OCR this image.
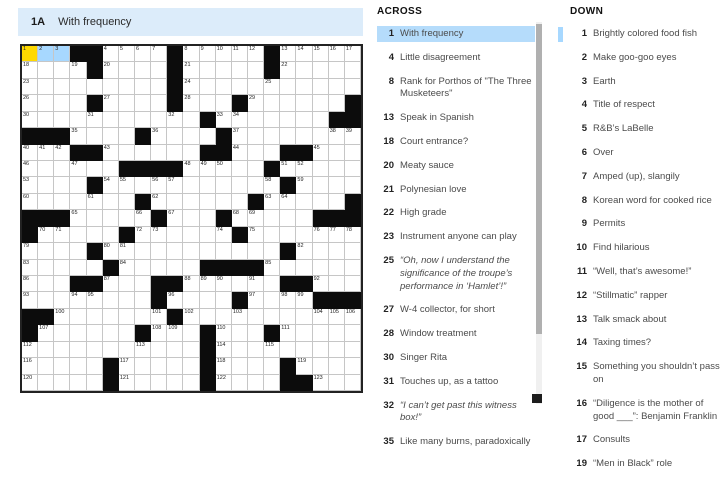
1A With frequency
1 2 3	4 5 6 7	8 9 10 11 12	13 14 15 16 17
18	19	20	21	22
23	24	25
26	27	28	29
30	31	32	33 34
35	36	37	38 39
40 41 42	43	44	45
46	47	48 49 50	51 52
53	54 55	56 57	58	59
60	61	62	63 64
65	66	67	68 69
70 71	72 73	74	75	76 77 78
79	80 81	82
83	84	85
86	87	88 89 90	91	92
93	94 95	96	97	98 99
100	101	102	103	104 105 106
107	108 109	110	111
112	113	114	115
116	117	118	119
120	121	122	123
ACROSS
1 With frequency
4 Little disagreement
8 Rank for Porthos of "The Three Musketeers"
13 Speak in Spanish
18 Court entrance?
20 Meaty sauce
21 Polynesian love
22 High grade
23 Instrument anyone can play
25 “Oh, now I understand the significance of the troupe’s performance in ‘Hamlet’!”
27 W-4 collector, for short
28 Window treatment
30 Singer Rita
31 Touches up, as a tattoo
32 “I can’t get past this witness box!”
35 Like many burns, paradoxically
DOWN
1 Brightly colored food fish
2 Make goo-goo eyes
3 Earth
4 Title of respect
5 R&B’s LaBelle
6 Over
7 Amped (up), slangily
8 Korean word for cooked rice
9 Permits
10 Find hilarious
11 “Well, that’s awesome!”
12 “Stillmatic” rapper
13 Talk smack about
14 Taxing times?
15 Something you shouldn’t pass on
16 “Diligence is the mother of good ___”: Benjamin Franklin
17 Consults
19 “Men in Black” role
